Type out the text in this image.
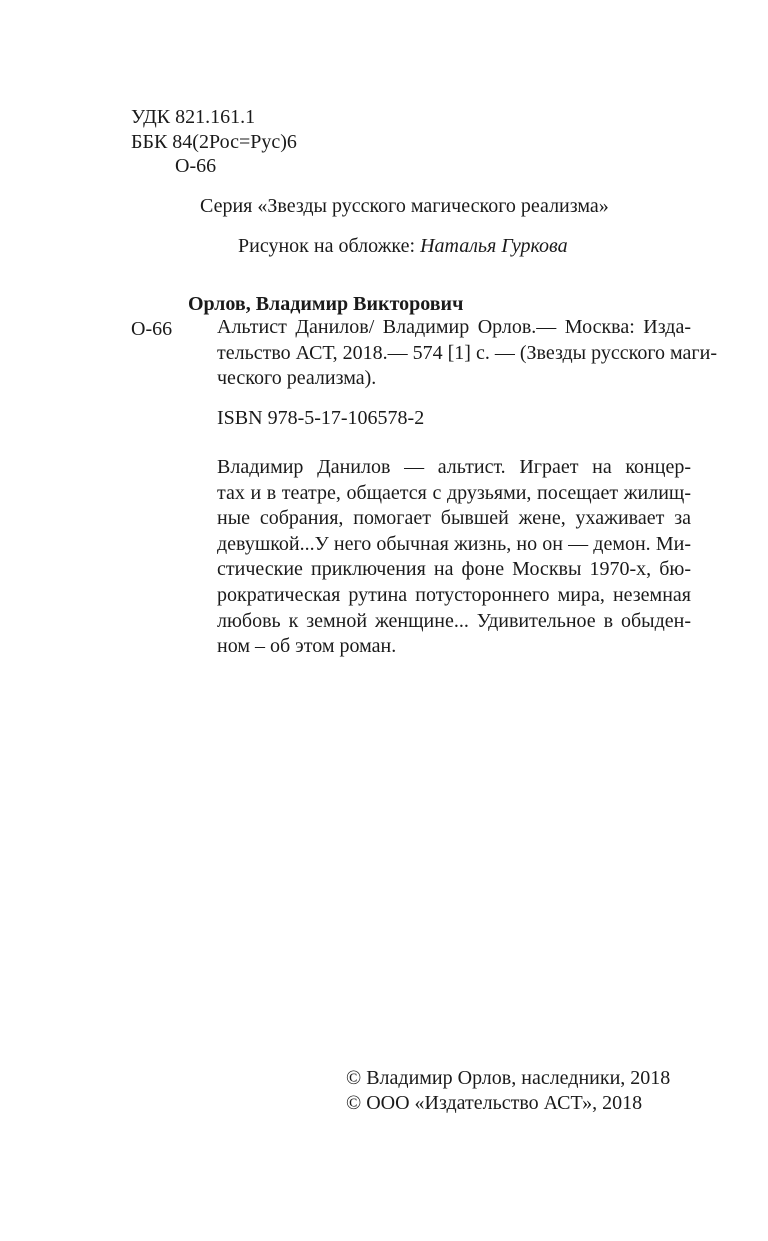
УДК 821.161.1
ББК 84(2Рос=Рус)6
О-66
Серия «Звезды русского магического реализма»
Рисунок на обложке: Наталья Гуркова
Орлов, Владимир Викторович
О-66 Альтист Данилов/ Владимир Орлов.— Москва: Изда-
тельство АСТ, 2018.— 574 [1] с. — (Звезды русского маги-
ческого реализма).
ISBN 978-5-17-106578-2
Владимир Данилов — альтист. Играет на концер-
тах и в театре, общается с друзьями, посещает жилищ-
ные собрания, помогает бывшей жене, ухаживает за
девушкой...У него обычная жизнь, но он — демон. Ми-
стические приключения на фоне Москвы 1970-х, бю-
рократическая рутина потустороннего мира, неземная
любовь к земной женщине... Удивительное в обыден-
ном – об этом роман.
© Владимир Орлов, наследники, 2018
© ООО «Издательство АСТ», 2018
